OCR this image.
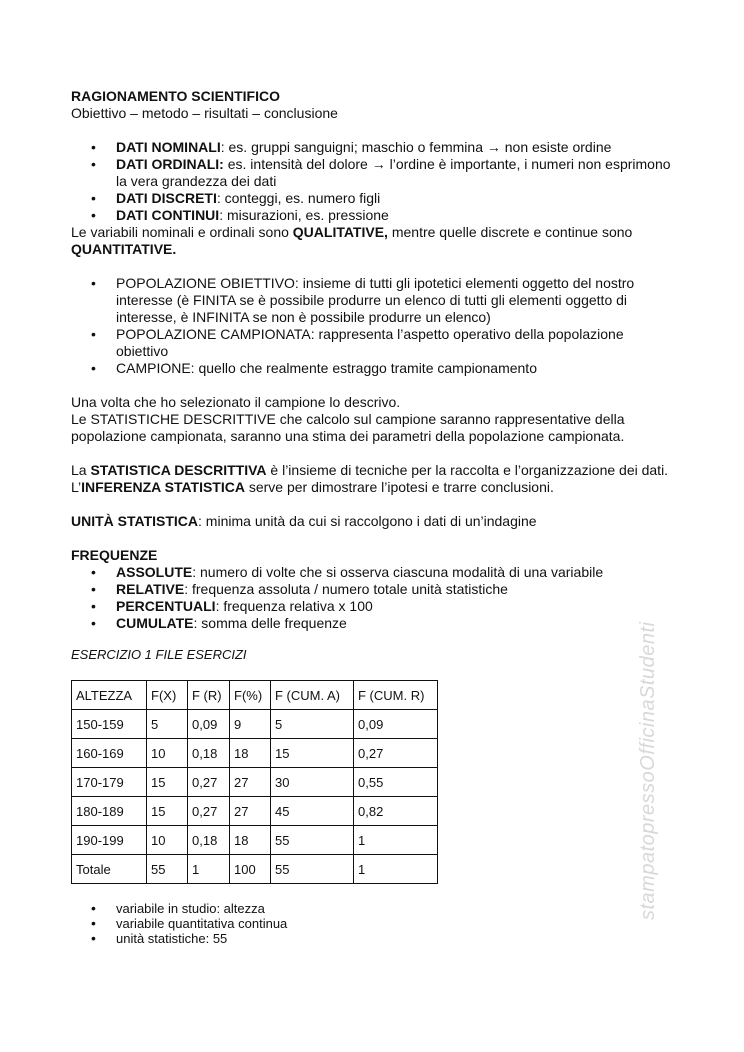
RAGIONAMENTO SCIENTIFICO

Obiettivo – metodo – risultati – conclusione

• DATI NOMINALI: es. gruppi sanguigni; maschio o femmina → non esiste ordine
• DATI ORDINALI: es. intensità del dolore → l’ordine è importante, i numeri non esprimono la vera grandezza dei dati
• DATI DISCRETI: conteggi, es. numero figli
• DATI CONTINUI: misurazioni, es. pressione

Le variabili nominali e ordinali sono QUALITATIVE, mentre quelle discrete e continue sono QUANTITATIVE.

• POPOLAZIONE OBIETTIVO: insieme di tutti gli ipotetici elementi oggetto del nostro interesse (è FINITA se è possibile produrre un elenco di tutti gli elementi oggetto di interesse, è INFINITA se non è possibile produrre un elenco)
• POPOLAZIONE CAMPIONATA: rappresenta l’aspetto operativo della popolazione obiettivo
• CAMPIONE: quello che realmente estraggo tramite campionamento

Una volta che ho selezionato il campione lo descrivo.

Le STATISTICHE DESCRITTIVE che calcolo sul campione saranno rappresentative della popolazione campionata, saranno una stima dei parametri della popolazione campionata.

La STATISTICA DESCRITTIVA è l’insieme di tecniche per la raccolta e l’organizzazione dei dati.

L’INFERENZA STATISTICA serve per dimostrare l’ipotesi e trarre conclusioni.

UNITÀ STATISTICA: minima unità da cui si raccolgono i dati di un’indagine

FREQUENZE

• ASSOLUTE: numero di volte che si osserva ciascuna modalità di una variabile
• RELATIVE: frequenza assoluta / numero totale unità statistiche
• PERCENTUALI: frequenza relativa x 100
• CUMULATE: somma delle frequenze

ESERCIZIO 1 FILE ESERCIZI

ALTEZZA	F(X)	F (R)	F(%)	F (CUM. A)	F (CUM. R)
150-159	5	0,09	9	5	0,09
160-169	10	0,18	18	15	0,27
170-179	15	0,27	27	30	0,55
180-189	15	0,27	27	45	0,82
190-199	10	0,18	18	55	1
Totale	55	1	100	55	1
• variabile in studio: altezza
• variabile quantitativa continua
• unità statistiche: 55
stampatopressoOfficinaStudenti
